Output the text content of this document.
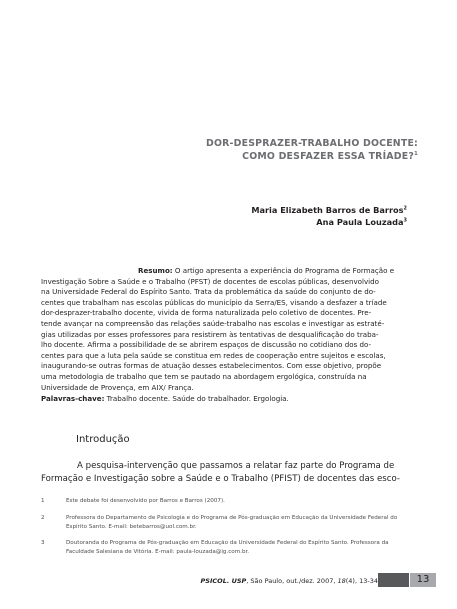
DOR-DESPRAZER-TRABALHO DOCENTE:
COMO DESFAZER ESSA TRÍADE?$^1$
Maria Elizabeth Barros de Barros$^2$
Ana Paula Louzada$^3$
Resumo: O artigo apresenta a experiência do Programa de Formação e
Investigação Sobre a Saúde e o Trabalho (PFST) de docentes de escolas públicas, desenvolvido
na Universidade Federal do Espírito Santo. Trata da problemática da saúde do conjunto de do-
centes que trabalham nas escolas públicas do município da Serra/ES, visando a desfazer a tríade
dor-desprazer-trabalho docente, vivida de forma naturalizada pelo coletivo de docentes. Pre-
tende avançar na compreensão das relações saúde-trabalho nas escolas e investigar as estraté-
gias utilizadas por esses professores para resistirem às tentativas de desqualificação do traba-
lho docente. Afirma a possibilidade de se abrirem espaços de discussão no cotidiano dos do-
centes para que a luta pela saúde se constitua em redes de cooperação entre sujeitos e escolas,
inaugurando-se outras formas de atuação desses estabelecimentos. Com esse objetivo, propõe
uma metodologia de trabalho que tem se pautado na abordagem ergológica, construída na
Universidade de Provença, em AIX/ França.
Palavras-chave: Trabalho docente. Saúde do trabalhador. Ergologia.
Introdução
A pesquisa-intervenção que passamos a relatar faz parte do Programa de
Formação e Investigação sobre a Saúde e o Trabalho (PFIST) de docentes das esco-
1	Este debate foi desenvolvido por Barros e Barros (2007).
2	Professora do Departamento de Psicologia e do Programa de Pós-graduação em Educação da Universidade Federal do
Espírito Santo. E-mail: betebarros@uol.com.br.
3	Doutoranda do Programa de Pós-graduação em Educação da Universidade Federal do Espírito Santo. Professora da
Faculdade Salesiana de Vitória. E-mail: paula-louzada@ig.com.br.
PSICOL. USP, São Paulo, out./dez. 2007, 18(4), 13-34	13
